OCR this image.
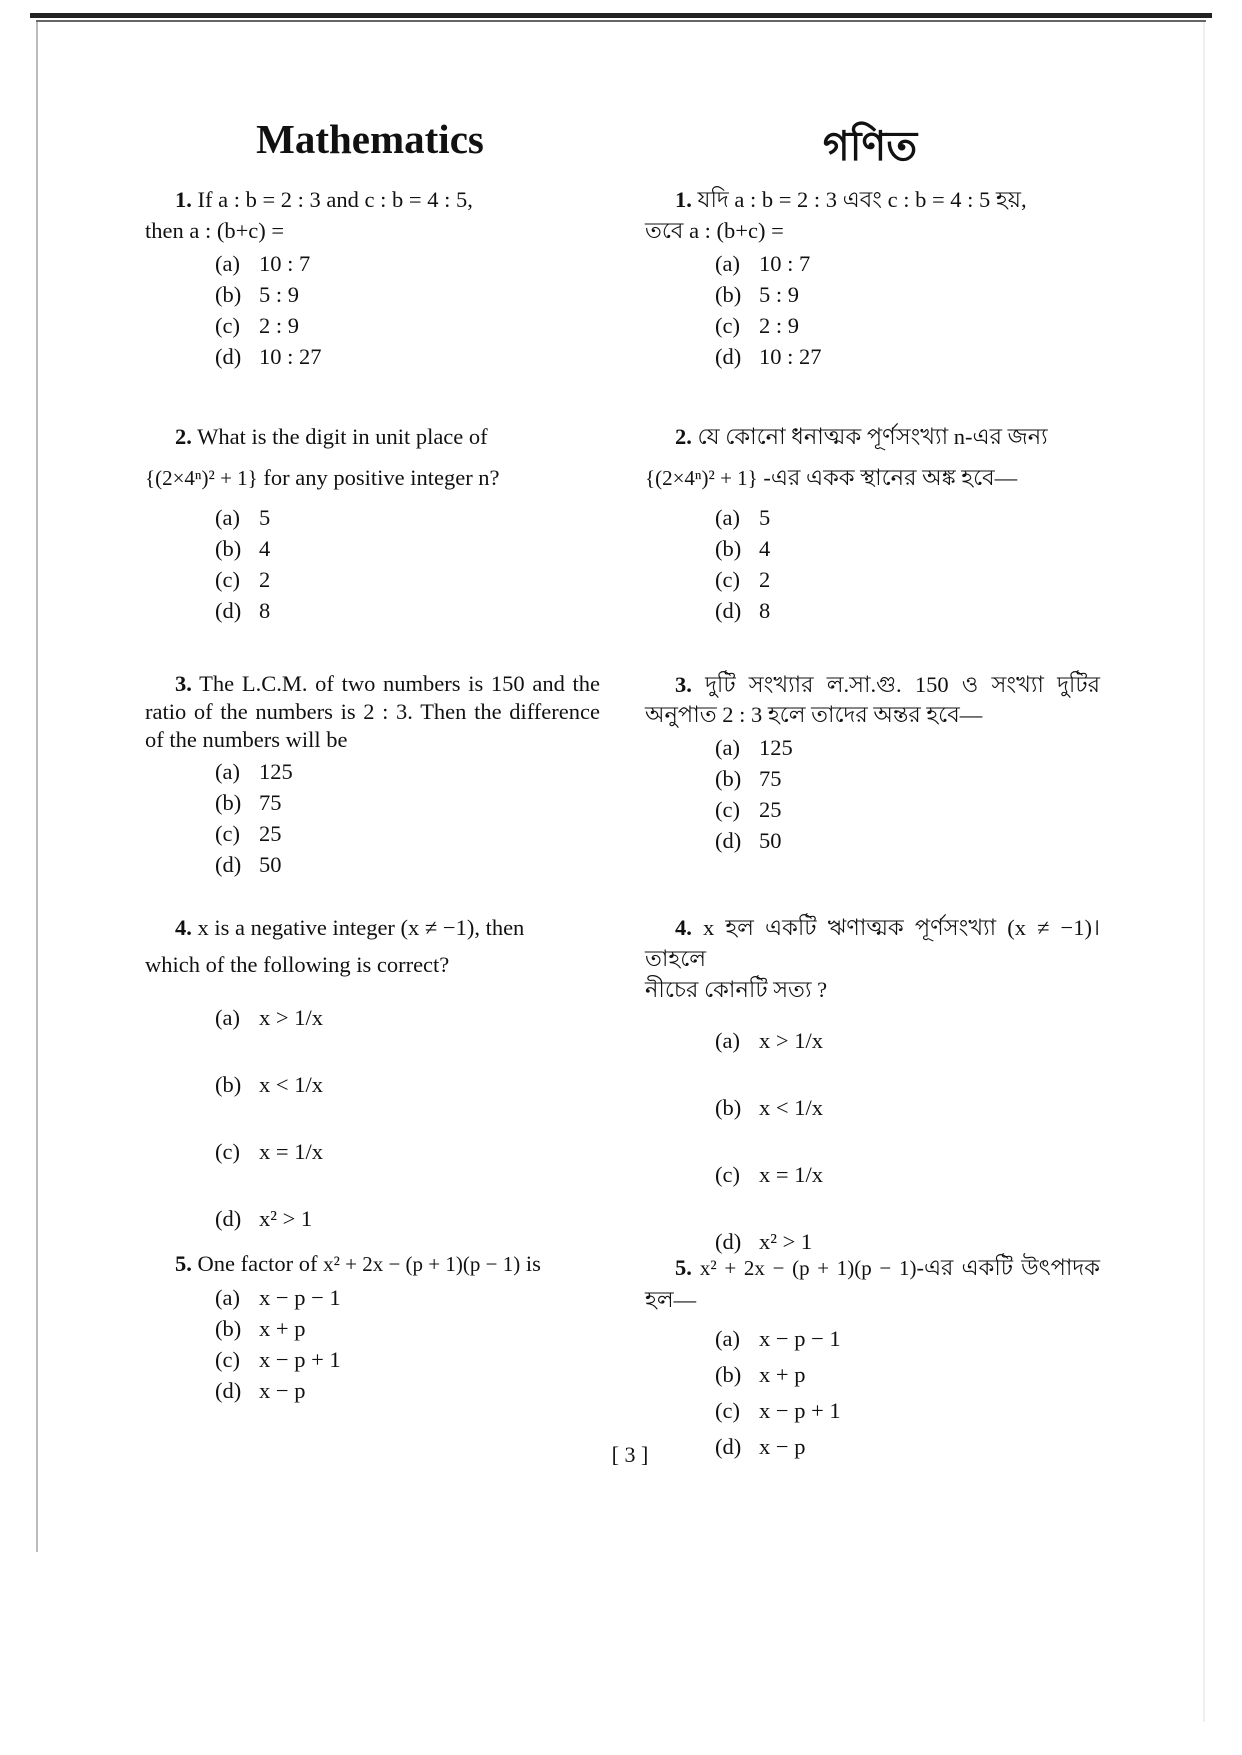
Mathematics
1. If a : b = 2 : 3 and c : b = 4 : 5,
then a : (b+c) =
(a) 10 : 7
(b) 5 : 9
(c) 2 : 9
(d) 10 : 27
2. What is the digit in unit place of
{(2×4ⁿ)² + 1} for any positive integer n?
(a) 5
(b) 4
(c) 2
(d) 8
3. The L.C.M. of two numbers is 150 and the ratio of the numbers is 2 : 3. Then the difference of the numbers will be
(a) 125
(b) 75
(c) 25
(d) 50
4. x is a negative integer (x ≠ −1), then
which of the following is correct?
(a) x > 1/x
(b) x < 1/x
(c) x = 1/x
(d) x² > 1
5. One factor of x² + 2x − (p + 1)(p − 1) is
(a) x − p − 1
(b) x + p
(c) x − p + 1
(d) x − p
গণিত
1. যদি a : b = 2 : 3 এবং c : b = 4 : 5 হয়,
তবে a : (b+c) =
(a) 10 : 7
(b) 5 : 9
(c) 2 : 9
(d) 10 : 27
2. যে কোনো ধনাত্মক পূর্ণসংখ্যা n-এর জন্য
{(2×4ⁿ)² + 1} -এর একক স্থানের অঙ্ক হবে—
(a) 5
(b) 4
(c) 2
(d) 8
3. দুটি সংখ্যার ল.সা.গু. 150 ও সংখ্যা দুটির অনুপাত 2 : 3 হলে তাদের অন্তর হবে—
(a) 125
(b) 75
(c) 25
(d) 50
4. x হল একটি ঋণাত্মক পূর্ণসংখ্যা (x ≠ −1)। তাহলে
নীচের কোনটি সত্য ?
(a) x > 1/x
(b) x < 1/x
(c) x = 1/x
(d) x² > 1
5. x² + 2x − (p + 1)(p − 1)-এর একটি উৎপাদক হল—
(a) x − p − 1
(b) x + p
(c) x − p + 1
(d) x − p
[ 3 ]
